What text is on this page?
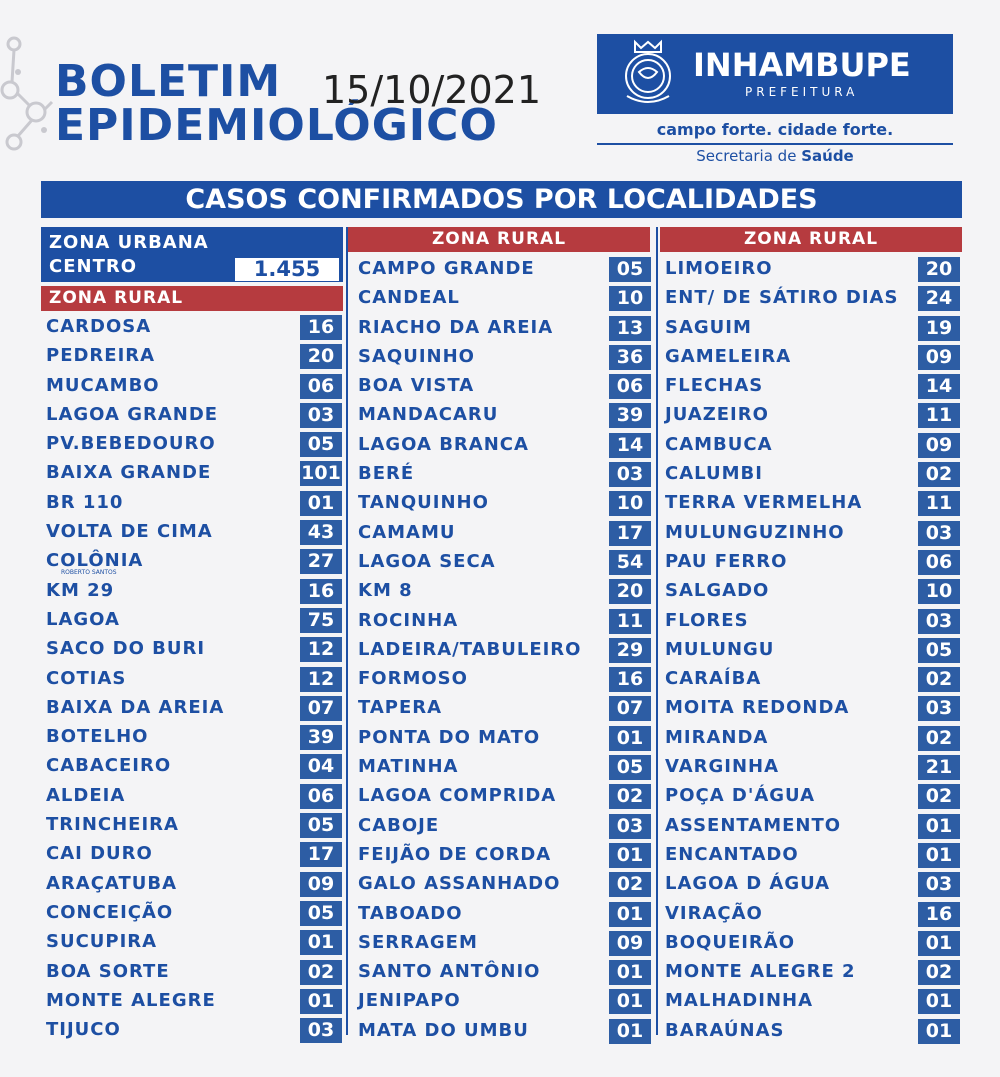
BOLETIM
EPIDEMIOLÓGICO
15/10/2021
INHAMBUPE
PREFEITURA
campo forte. cidade forte.
Secretaria de Saúde
CASOS CONFIRMADOS POR LOCALIDADES
ZONA URBANA
CENTRO	1.455
ZONA RURAL
ZONA RURAL	ZONA RURAL
CARDOSA	16
PEDREIRA	20
MUCAMBO	06
LAGOA GRANDE	03
PV.BEBEDOURO	05
BAIXA GRANDE	101
BR 110	01
VOLTA DE CIMA	43
COLÔNIA	27
ROBERTO SANTOS
KM 29	16
LAGOA	75
SACO DO BURI	12
COTIAS	12
BAIXA DA AREIA	07
BOTELHO	39
CABACEIRO	04
ALDEIA	06
TRINCHEIRA	05
CAI DURO	17
ARAÇATUBA	09
CONCEIÇÃO	05
SUCUPIRA	01
BOA SORTE	02
MONTE ALEGRE	01
TIJUCO	03
CAMPO GRANDE	05
CANDEAL	10
RIACHO DA AREIA	13
SAQUINHO	36
BOA VISTA	06
MANDACARU	39
LAGOA BRANCA	14
BERÉ	03
TANQUINHO	10
CAMAMU	17
LAGOA SECA	54
KM 8	20
ROCINHA	11
LADEIRA/TABULEIRO	29
FORMOSO	16
TAPERA	07
PONTA DO MATO	01
MATINHA	05
LAGOA COMPRIDA	02
CABOJE	03
FEIJÃO DE CORDA	01
GALO ASSANHADO	02
TABOADO	01
SERRAGEM	09
SANTO ANTÔNIO	01
JENIPAPO	01
MATA DO UMBU	01
LIMOEIRO	20
ENT/ DE SÁTIRO DIAS	24
SAGUIM	19
GAMELEIRA	09
FLECHAS	14
JUAZEIRO	11
CAMBUCA	09
CALUMBI	02
TERRA VERMELHA	11
MULUNGUZINHO	03
PAU FERRO	06
SALGADO	10
FLORES	03
MULUNGU	05
CARAÍBA	02
MOITA REDONDA	03
MIRANDA	02
VARGINHA	21
POÇA D'ÁGUA	02
ASSENTAMENTO	01
ENCANTADO	01
LAGOA D ÁGUA	03
VIRAÇÃO	16
BOQUEIRÃO	01
MONTE ALEGRE 2	02
MALHADINHA	01
BARAÚNAS	01
